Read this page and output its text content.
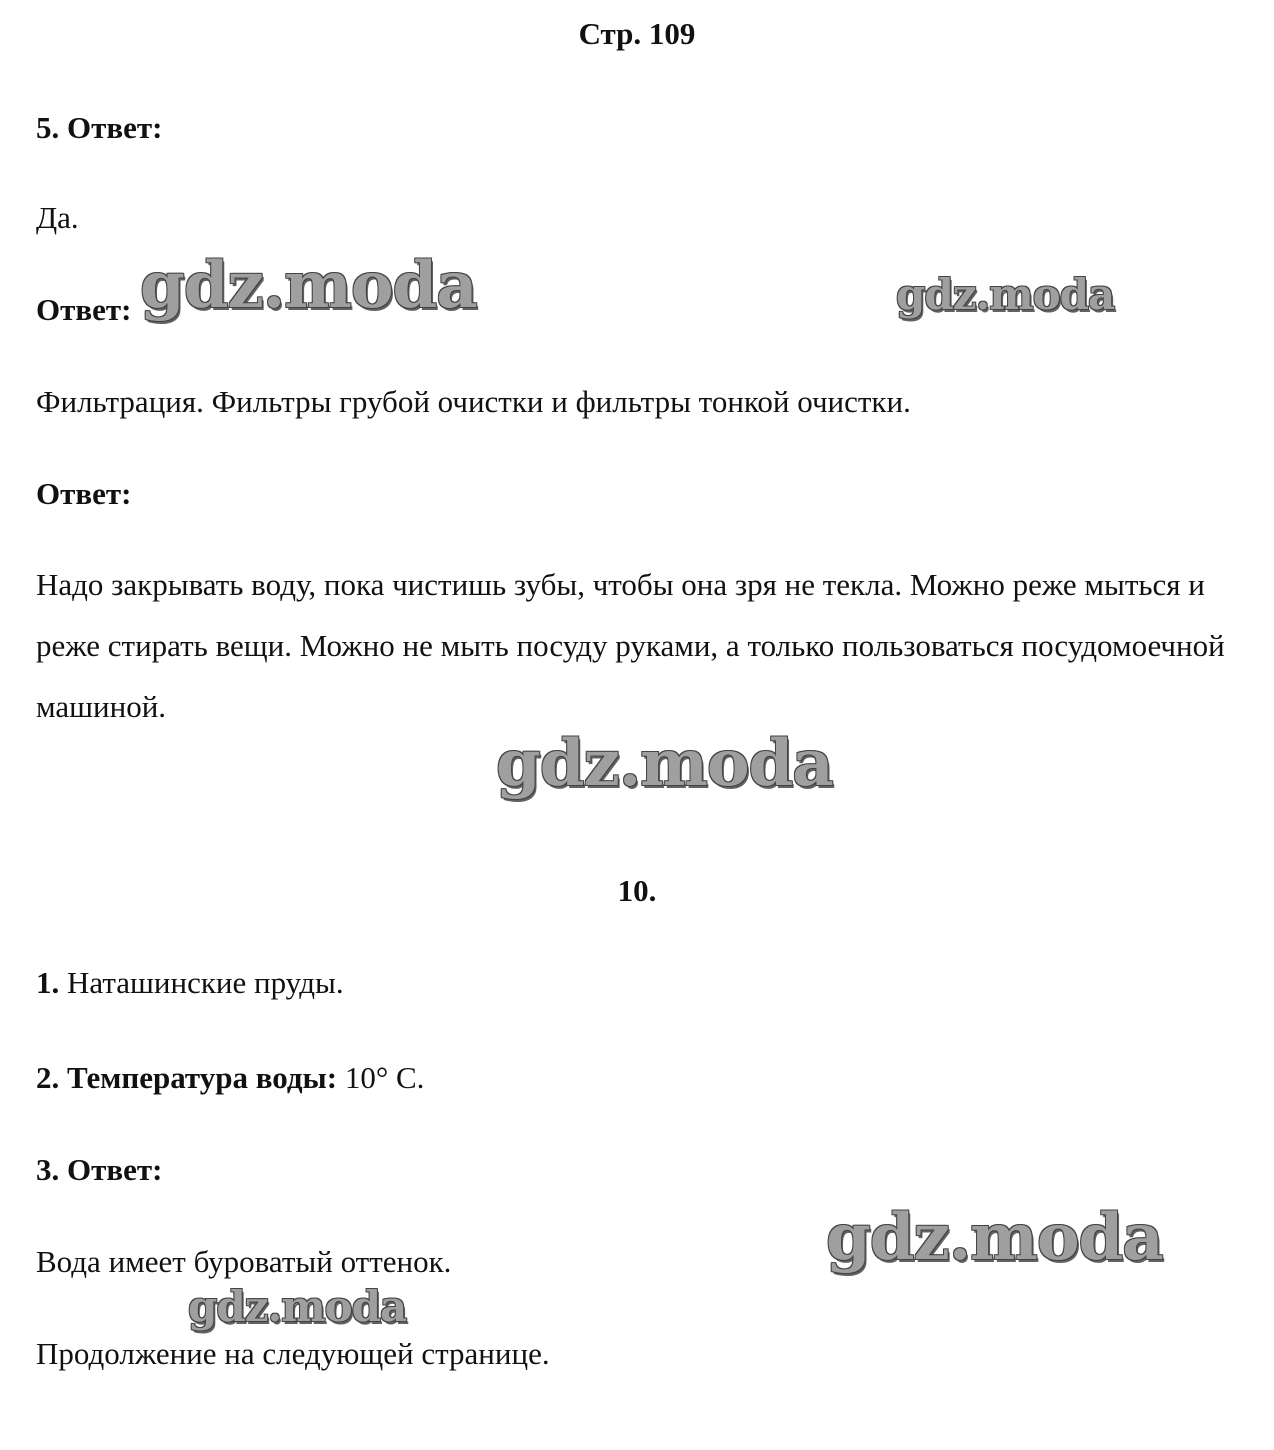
Стр. 109
5. Ответ:
Да.
Ответ:
Фильтрация. Фильтры грубой очистки и фильтры тонкой очистки.
Ответ:
Надо закрывать воду, пока чистишь зубы, чтобы она зря не текла. Можно реже мыться и реже стирать вещи. Можно не мыть посуду руками, а только пользоваться посудомоечной машиной.
10.
1. Наташинские пруды.
2. Температура воды: 10° С.
3. Ответ:
Вода имеет буроватый оттенок.
Продолжение на следующей странице.
gdz.moda	gdz.moda
gdz.moda
gdz.moda
gdz.moda
